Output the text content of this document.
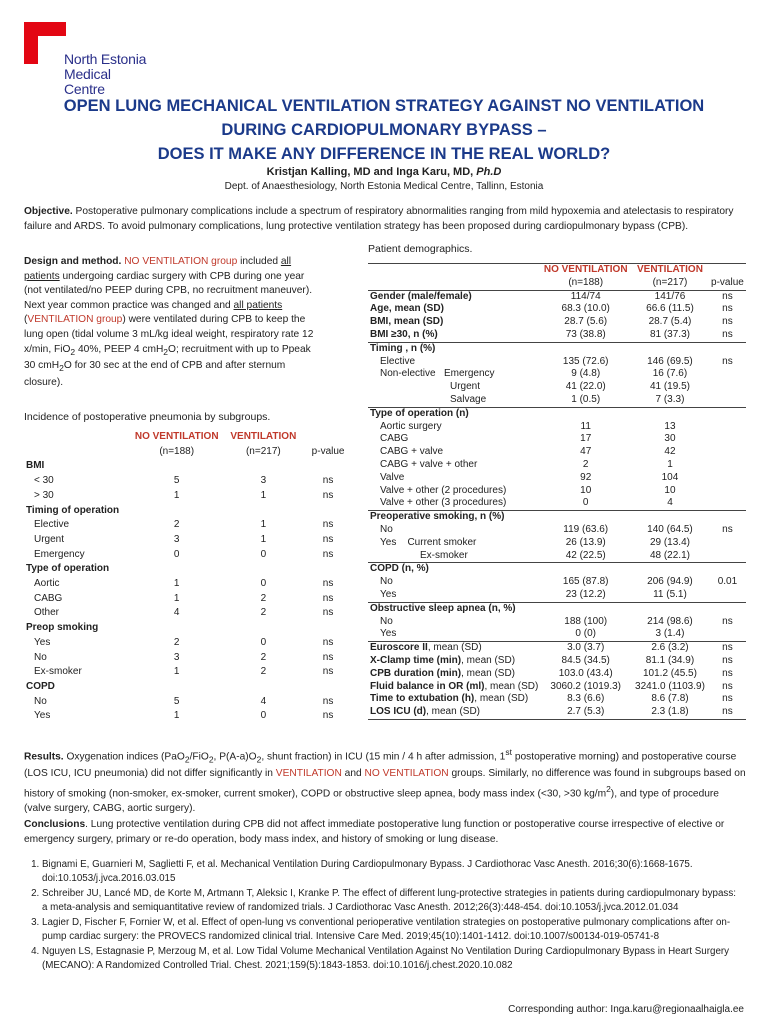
North Estonia
Medical Centre
OPEN LUNG MECHANICAL VENTILATION STRATEGY AGAINST NO VENTILATION
DURING CARDIOPULMONARY BYPASS –
DOES IT MAKE ANY DIFFERENCE IN THE REAL WORLD?
Kristjan Kalling, MD and Inga Karu, MD, Ph.D
Dept. of Anaesthesiology, North Estonia Medical Centre, Tallinn, Estonia
Objective. Postoperative pulmonary complications include a spectrum of respiratory abnormalities ranging from mild hypoxemia and atelectasis to respiratory failure and ARDS. To avoid pulmonary complications, lung protective ventilation strategy has been proposed during cardiopulmonary bypass (CPB).
Design and method. NO VENTILATION group included all patients undergoing cardiac surgery with CPB during one year (not ventilated/no PEEP during CPB, no recruitment maneuver). Next year common practice was changed and all patients (VENTILATION group) were ventilated during CPB to keep the lung open (tidal volume 3 mL/kg ideal weight, respiratory rate 12 x/min, FiO$_2$ 40%, PEEP 4 cmH$_2$O; recruitment with up to Ppeak 30 cmH$_2$O for 30 sec at the end of CPB and after sternum closure).
Patient demographics.
	NO VENTILATION	VENTILATION	
	(n=188)	(n=217)	p-value
Gender (male/female)	114/74	141/76	ns
Age, mean (SD)	68.3 (10.0)	66.6 (11.5)	ns
BMI, mean (SD)	28.7 (5.6)	28.7 (5.4)	ns
BMI ≥30, n (%)	73 (38.8)	81 (37.3)	ns
Timing , n (%)			
Elective	135 (72.6)	146 (69.5)	ns
Non-elective Emergency	9 (4.8)	16 (7.6)	
Urgent	41 (22.0)	41 (19.5)	
Salvage	1 (0.5)	7 (3.3)	
Type of operation (n)			
Aortic surgery	11	13	
CABG	17	30	
CABG + valve	47	42	
CABG + valve + other	2	1	
Valve	92	104	
Valve + other (2 procedures)	10	10	
Valve + other (3 procedures)	0	4	
Preoperative smoking, n (%)			
No	119 (63.6)	140 (64.5)	ns
Yes Current smoker	26 (13.9)	29 (13.4)	
Ex-smoker	42 (22.5)	48 (22.1)	
COPD (n, %)			
No	165 (87.8)	206 (94.9)	0.01
Yes	23 (12.2)	11 (5.1)	
Obstructive sleep apnea (n, %)			
No	188 (100)	214 (98.6)	ns
Yes	0 (0)	3 (1.4)	
Euroscore II, mean (SD)	3.0 (3.7)	2.6 (3.2)	ns
X-Clamp time (min), mean (SD)	84.5 (34.5)	81.1 (34.9)	ns
CPB duration (min), mean (SD)	103.0 (43.4)	101.2 (45.5)	ns
Fluid balance in OR (ml), mean (SD)	3060.2 (1019.3)	3241.0 (1103.9)	ns
Time to extubation (h), mean (SD)	8.3 (6.6)	8.6 (7.8)	ns
LOS ICU (d), mean (SD)	2.7 (5.3)	2.3 (1.8)	ns
Incidence of postoperative pneumonia by subgroups.
	NO VENTILATION	VENTILATION	
	(n=188)	(n=217)	p-value
BMI			
< 30	5	3	ns
> 30	1	1	ns
Timing of operation			
Elective	2	1	ns
Urgent	3	1	ns
Emergency	0	0	ns
Type of operation			
Aortic	1	0	ns
CABG	1	2	ns
Other	4	2	ns
Preop smoking			
Yes	2	0	ns
No	3	2	ns
Ex-smoker	1	2	ns
COPD			
No	5	4	ns
Yes	1	0	ns
Results. Oxygenation indices (PaO$_2$/FiO$_2$, $P(A-a)O_2$, shunt fraction) in ICU (15 min / 4 h after admission, 1st postoperative morning) and postoperative course (LOS ICU, ICU pneumonia) did not differ significantly in VENTILATION and NO VENTILATION groups. Similarly, no difference was found in subgroups based on history of smoking (non-smoker, ex-smoker, current smoker), COPD or obstructive sleep apnea, body mass index (<30, >30 $kg/m^2$), and type of procedure (valve surgery, CABG, aortic surgery).
Conclusions. Lung protective ventilation during CPB did not affect immediate postoperative lung function or postoperative course irrespective of elective or emergency surgery, primary or re-do operation, body mass index, and history of smoking or lung disease.
1. Bignami E, Guarnieri M, Saglietti F, et al. Mechanical Ventilation During Cardiopulmonary Bypass. J Cardiothorac Vasc Anesth. 2016;30(6):1668-1675. doi:10.1053/j.jvca.2016.03.015
2. Schreiber JU, Lancé MD, de Korte M, Artmann T, Aleksic I, Kranke P. The effect of different lung-protective strategies in patients during cardiopulmonary bypass: a meta-analysis and semiquantitative review of randomized trials. J Cardiothorac Vasc Anesth. 2012;26(3):448-454. doi:10.1053/j.jvca.2012.01.034
3. Lagier D, Fischer F, Fornier W, et al. Effect of open-lung vs conventional perioperative ventilation strategies on postoperative pulmonary complications after on-pump cardiac surgery: the PROVECS randomized clinical trial. Intensive Care Med. 2019;45(10):1401-1412. doi:10.1007/s00134-019-05741-8
4. Nguyen LS, Estagnasie P, Merzoug M, et al. Low Tidal Volume Mechanical Ventilation Against No Ventilation During Cardiopulmonary Bypass in Heart Surgery (MECANO): A Randomized Controlled Trial. Chest. 2021;159(5):1843-1853. doi:10.1016/j.chest.2020.10.082
Corresponding author: Inga.karu@regionaalhaigla.ee
